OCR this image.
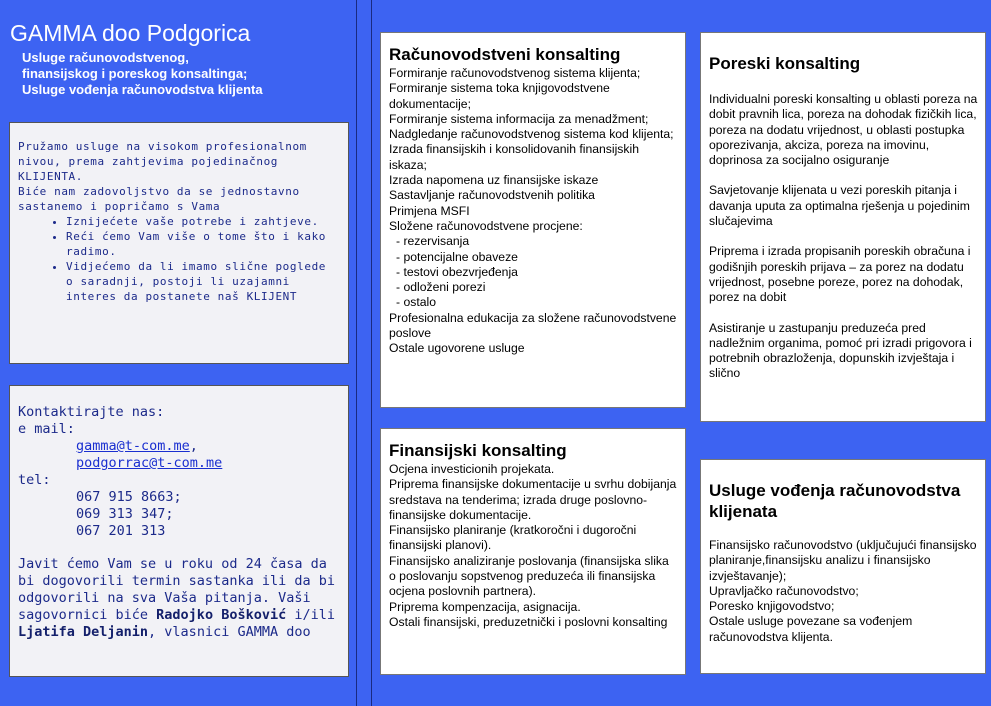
GAMMA doo Podgorica
Usluge računovodstvenog,
finansijskog i poreskog konsaltinga;
Usluge vođenja računovodstva klijenta

Pružamo usluge na visokom profesionalnom nivou, prema zahtjevima pojedinačnog KLIJENTA.

Biće nam zadovoljstvo da se jednostavno sastanemo i popričamo s Vama

• Iznijećete vaše potrebe i zahtjeve.
• Reći ćemo Vam više o tome što i kako radimo.
• Vidjećemo da li imamo slične poglede o saradnji, postoji li uzajamni interes da postanete naš KLIJENT

Kontaktirajte nas:

e mail:

gamma@t-com.me,

podgorrac@t-com.me

tel:

067 915 8663;

069 313 347;

067 201 313

Javit ćemo Vam se u roku od 24 časa da bi dogovorili termin sastanka ili da bi odgovorili na sva Vaša pitanja. Vaši sagovornici biće Radojko Bošković i/ili Ljatifa Deljanin, vlasnici GAMMA doo

Računovodstveni konsalting
Formiranje računovodstvenog sistema klijenta;
Formiranje sistema toka knjigovodstvene dokumentacije;
Formiranje sistema informacija za menadžment;
Nadgledanje računovodstvenog sistema kod klijenta;
Izrada finansijskih i konsolidovanih finansijskih iskaza;
Izrada napomena uz finansijske iskaze
Sastavljanje računovodstvenih politika
Primjena MSFI
Složene računovodstvene procjene:
- rezervisanja
- potencijalne obaveze
- testovi obezvrjeđenja
- odloženi porezi
- ostalo
Profesionalna edukacija za složene računovodstvene poslove
Ostale ugovorene usluge
Finansijski konsalting
Ocjena investicionih projekata.
Priprema finansijske dokumentacije u svrhu dobijanja sredstava na tenderima; izrada druge poslovno-finansijske dokumentacije.
Finansijsko planiranje (kratkoročni i dugoročni finansijski planovi).
Finansijsko analiziranje poslovanja (finansijska slika o poslovanju sopstvenog preduzeća ili finansijska ocjena poslovnih partnera).
Priprema kompenzacija, asignacija.
Ostali finansijski, preduzetnički i poslovni konsalting
Poreski konsalting

Individualni poreski konsalting u oblasti poreza na dobit pravnih lica, poreza na dohodak fizičkih lica, poreza na dodatu vrijednost, u oblasti postupka oporezivanja, akciza, poreza na imovinu, doprinosa za socijalno osiguranje

Savjetovanje klijenata u vezi poreskih pitanja i davanja uputa za optimalna rješenja u pojedinim slučajevima

Priprema i izrada propisanih poreskih obračuna i godišnjih poreskih prijava – za porez na dodatu vrijednost, posebne poreze, porez na dohodak, porez na dobit

Asistiranje u zastupanju preduzeća pred nadležnim organima, pomoć pri izradi prigovora i potrebnih obrazloženja, dopunskih izvještaja i slično

Usluge vođenja računovodstva klijenata
Finansijsko računovodstvo (uključujući finansijsko planiranje,finansijsku analizu i finansijsko izvještavanje);
Upravljačko računovodstvo;
Poresko knjigovodstvo;
Ostale usluge povezane sa vođenjem računovodstva klijenta.
